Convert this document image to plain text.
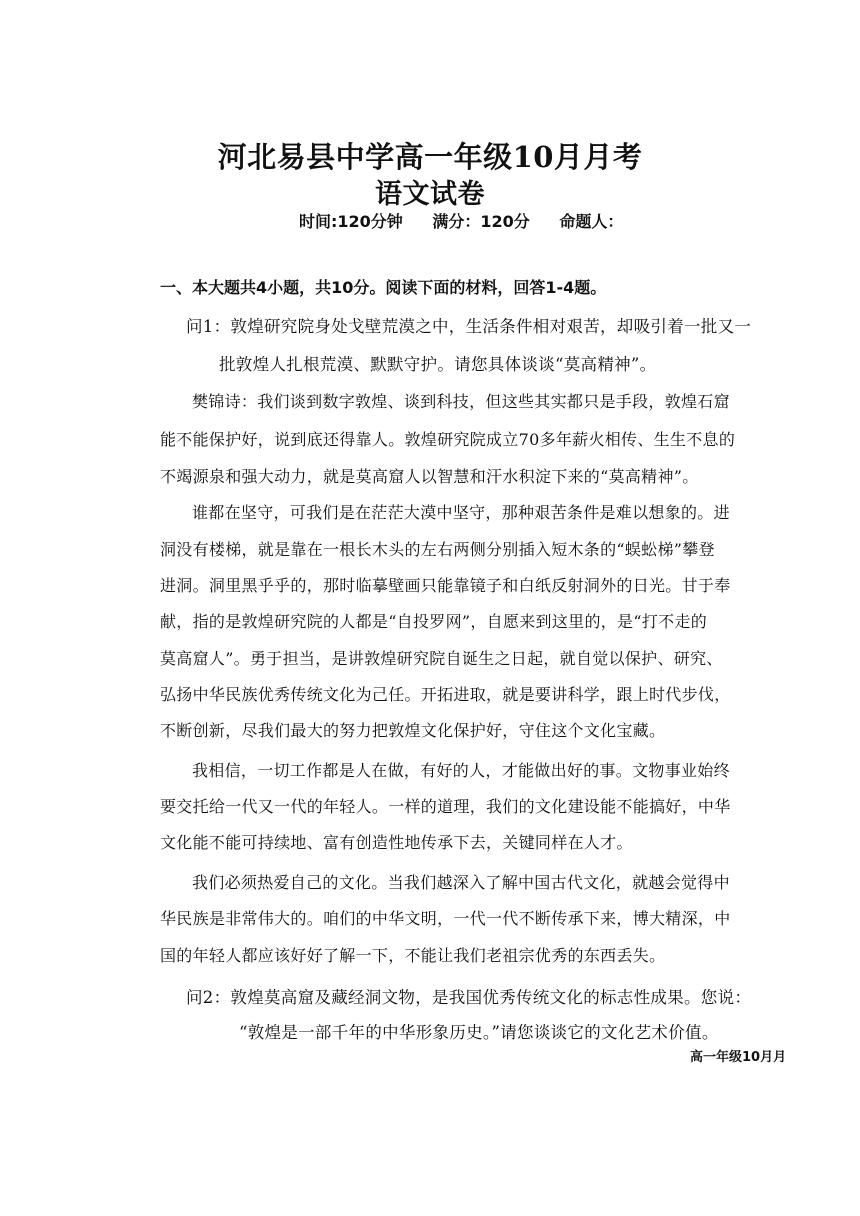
河北易县中学高一年级10月月考
语文试卷
时间:120分钟 满分：120分 命题人：
一、本大题共4小题，共10分。阅读下面的材料，回答1-4题。
问1：敦煌研究院身处戈壁荒漠之中，生活条件相对艰苦，却吸引着一批又一
批敦煌人扎根荒漠、默默守护。请您具体谈谈“莫高精神”。
樊锦诗：我们谈到数字敦煌、谈到科技，但这些其实都只是手段，敦煌石窟
能不能保护好，说到底还得靠人。敦煌研究院成立70多年薪火相传、生生不息的
不竭源泉和强大动力，就是莫高窟人以智慧和汗水积淀下来的“莫高精神”。
谁都在坚守，可我们是在茫茫大漠中坚守，那种艰苦条件是难以想象的。进
洞没有楼梯，就是靠在一根长木头的左右两侧分别插入短木条的“蜈蚣梯”攀登
进洞。洞里黑乎乎的，那时临摹壁画只能靠镜子和白纸反射洞外的日光。甘于奉
献，指的是敦煌研究院的人都是“自投罗网”，自愿来到这里的，是“打不走的
莫高窟人”。勇于担当，是讲敦煌研究院自诞生之日起，就自觉以保护、研究、
弘扬中华民族优秀传统文化为己任。开拓进取，就是要讲科学，跟上时代步伐，
不断创新，尽我们最大的努力把敦煌文化保护好，守住这个文化宝藏。
我相信，一切工作都是人在做，有好的人，才能做出好的事。文物事业始终
要交托给一代又一代的年轻人。一样的道理，我们的文化建设能不能搞好，中华
文化能不能可持续地、富有创造性地传承下去，关键同样在人才。
我们必须热爱自己的文化。当我们越深入了解中国古代文化，就越会觉得中
华民族是非常伟大的。咱们的中华文明，一代一代不断传承下来，博大精深，中
国的年轻人都应该好好了解一下，不能让我们老祖宗优秀的东西丢失。
问2：敦煌莫高窟及藏经洞文物，是我国优秀传统文化的标志性成果。您说：
“敦煌是一部千年的中华形象历史。”请您谈谈它的文化艺术价值。
高一年级10月月
